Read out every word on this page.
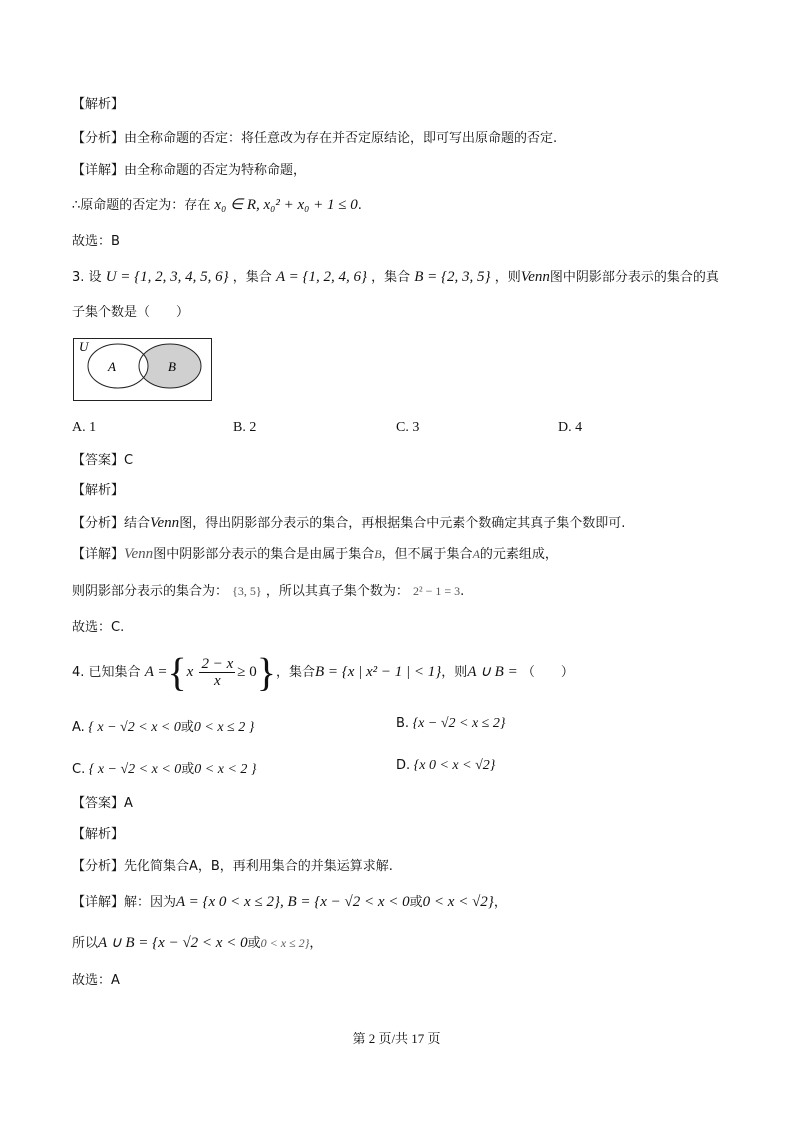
【解析】
【分析】由全称命题的否定：将任意改为存在并否定原结论，即可写出原命题的否定.
【详解】由全称命题的否定为特称命题，
∴原命题的否定为：存在 x₀ ∈ R, x₀² + x₀ + 1 ≤ 0.
故选：B
3. 设 U = {1, 2, 3, 4, 5, 6} ，集合 A = {1, 2, 4, 6} ，集合 B = {2, 3, 5} ，则Venn图中阴影部分表示的集合的真
子集个数是（　　）
U
A	B
A. 1	B. 2	C. 3	D. 4
【答案】C
【解析】
【分析】结合Venn图，得出阴影部分表示的集合，再根据集合中元素个数确定其真子集个数即可.
【详解】Venn图中阴影部分表示的集合是由属于集合B，但不属于集合A的元素组成，
则阴影部分表示的集合为： {3, 5} ，所以其真子集个数为： 2² − 1 = 3.
故选：C.
4. 已知集合 $A =\{x \frac{2 - x}{x} \ge 0\}$，集合B = {x | x² − 1 | < 1}，则A ∪ B = （　　）
A. { x − √2 < x < 0或0 < x ≤ 2 }	B. {x − √2 < x ≤ 2}
C. { x − √2 < x < 0或0 < x < 2 }	D. {x 0 < x < √2}
【答案】A
【解析】
【分析】先化简集合A，B，再利用集合的并集运算求解.
【详解】解：因为A = {x 0 < x ≤ 2}, B = {x − √2 < x < 0或0 < x < √2}，
所以A ∪ B = {x − √2 < x < 0或0 < x ≤ 2}，
故选：A
第 2 页/共 17 页
